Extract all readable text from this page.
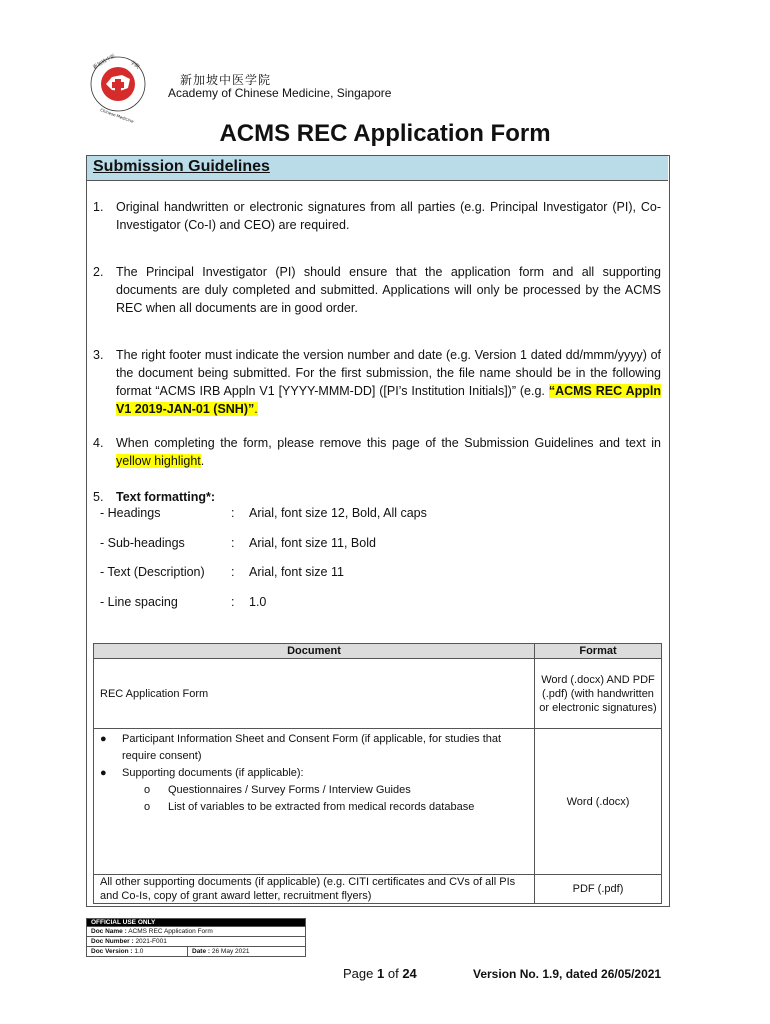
新加坡中医 学院
Chinese Medicine
新加坡中医学院
Academy of Chinese Medicine, Singapore
ACMS REC Application Form
Submission Guidelines
1. Original handwritten or electronic signatures from all parties (e.g. Principal Investigator (PI), Co-Investigator (Co-I) and CEO) are required.
2. The Principal Investigator (PI) should ensure that the application form and all supporting documents are duly completed and submitted. Applications will only be processed by the ACMS REC when all documents are in good order.
3. The right footer must indicate the version number and date (e.g. Version 1 dated dd/mmm/yyyy) of the document being submitted. For the first submission, the file name should be in the following format “ACMS IRB Appln V1 [YYYY-MMM-DD] ([PI’s Institution Initials])” (e.g. “ACMS REC Appln V1 2019-JAN-01 (SNH)”.
4. When completing the form, please remove this page of the Submission Guidelines and text in yellow highlight.
5. Text formatting*:
- Headings	: Arial, font size 12, Bold, All caps
- Sub-headings	: Arial, font size 11, Bold
- Text (Description) : Arial, font size 11
- Line spacing	: 1.0
Document	Format
REC Application Form	Word (.docx) AND PDF (.pdf) (with handwritten or electronic signatures)

● Participant Information Sheet and Consent Form (if applicable, for studies that require consent)
● Supporting documents (if applicable):
o Questionnaires / Survey Forms / Interview Guides
o List of variables to be extracted from medical records database	Word (.docx)
All other supporting documents (if applicable) (e.g. CITI certificates and CVs of all PIs and Co-Is, copy of grant award letter, recruitment flyers)	PDF (.pdf)
OFFICIAL USE ONLY
Doc Name : ACMS REC Application Form
Doc Number : 2021-F001
Doc Version : 1.0	Date : 26 May 2021
Page 1 of 24	Version No. 1.9, dated 26/05/2021
